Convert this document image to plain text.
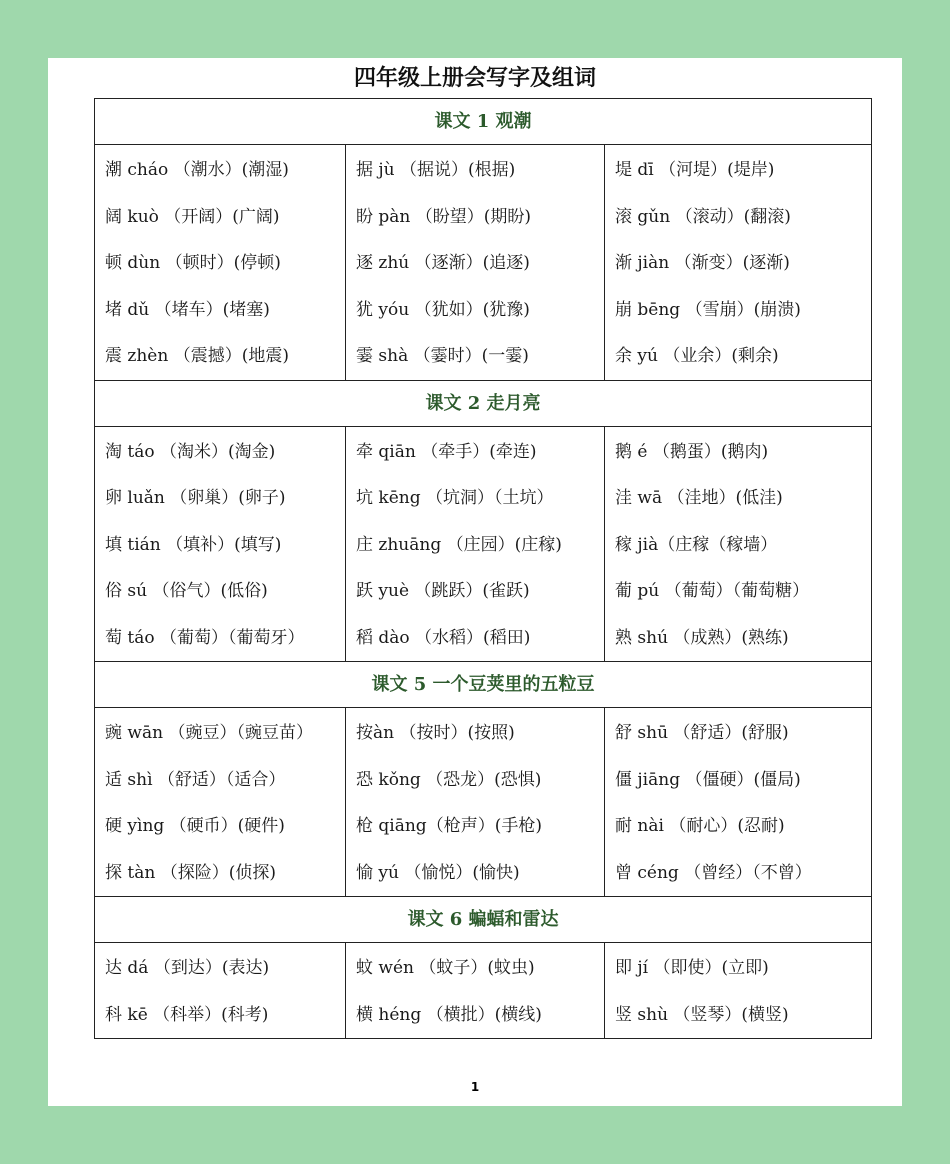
四年级上册会写字及组词
课文 1 观潮
潮 cháo （潮水）(潮湿)
阔 kuò （开阔）(广阔)
顿 dùn （顿时）(停顿)
堵 dǔ （堵车）(堵塞)
震 zhèn （震撼）(地震)
据 jù （据说）(根据)
盼 pàn （盼望）(期盼)
逐 zhú （逐渐）(追逐)
犹 yóu （犹如）(犹豫)
霎 shà （霎时）(一霎)
堤 dī （河堤）(堤岸)
滚 gǔn （滚动）(翻滚)
渐 jiàn （渐变）(逐渐)
崩 bēng （雪崩）(崩溃)
余 yú （业余）(剩余)
课文 2 走月亮
淘 táo （淘米）(淘金)
卵 luǎn （卵巢）(卵子)
填 tián （填补）(填写)
俗 sú （俗气）(低俗)
萄 táo （葡萄）（葡萄牙）
牵 qiān （牵手）(牵连)
坑 kēng （坑洞）（土坑）
庄 zhuāng （庄园）(庄稼)
跃 yuè （跳跃）(雀跃)
稻 dào （水稻）(稻田)
鹅 é （鹅蛋）(鹅肉)
洼 wā （洼地）(低洼)
稼 jià（庄稼（稼墙）
葡 pú （葡萄）（葡萄糖）
熟 shú （成熟）(熟练)
课文 5 一个豆荚里的五粒豆
豌 wān （豌豆）（豌豆苗）
适 shì （舒适）（适合）
硬 yìng （硬币）(硬件)
探 tàn （探险）(侦探)
按àn （按时）(按照)
恐 kǒng （恐龙）(恐惧)
枪 qiāng（枪声）(手枪)
愉 yú （愉悦）(愉快)
舒 shū （舒适）(舒服)
僵 jiāng （僵硬）(僵局)
耐 nài （耐心）(忍耐)
曾 céng （曾经）（不曾）
课文 6 蝙蝠和雷达
达 dá （到达）(表达)
科 kē （科举）(科考)
蚊 wén （蚊子）(蚊虫)
横 héng （横批）(横线)
即 jí （即使）(立即)
竖 shù （竖琴）(横竖)
1
